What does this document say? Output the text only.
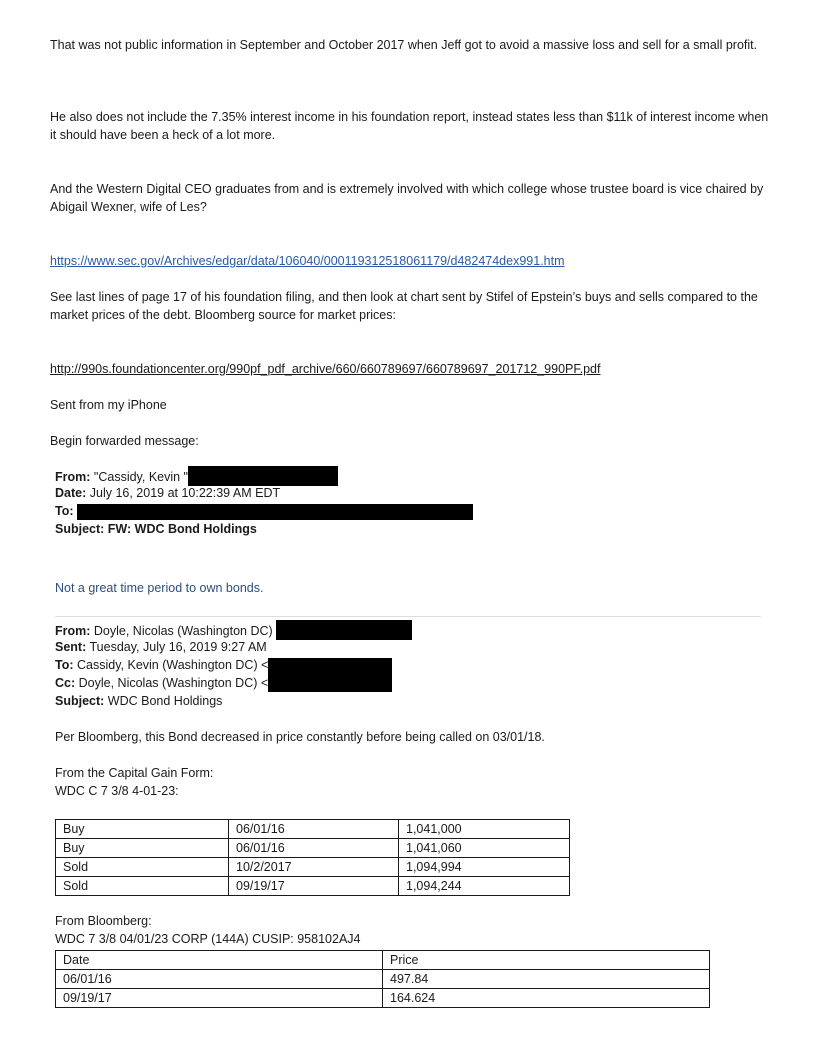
That was not public information in September and October 2017 when Jeff got to avoid a massive loss and sell for a small profit.

He also does not include the 7.35% interest income in his foundation report, instead states less than $11k of interest income when it should have been a heck of a lot more.

And the Western Digital CEO graduates from and is extremely involved with which college whose trustee board is vice chaired by Abigail Wexner, wife of Les?

https://www.sec.gov/Archives/edgar/data/106040/000119312518061179/d482474dex991.htm

See last lines of page 17 of his foundation filing, and then look at chart sent by Stifel of Epstein’s buys and sells compared to the market prices of the debt. Bloomberg source for market prices:

http://990s.foundationcenter.org/990pf_pdf_archive/660/660789697/660789697_201712_990PF.pdf

Sent from my iPhone

Begin forwarded message:

From: "Cassidy, Kevin "
Date: July 16, 2019 at 10:22:39 AM EDT
To:
Subject: FW: WDC Bond Holdings
Not a great time period to own bonds.
From: Doyle, Nicolas (Washington DC)
Sent: Tuesday, July 16, 2019 9:27 AM
To: Cassidy, Kevin (Washington DC) <
Cc: Doyle, Nicolas (Washington DC) <
Subject: WDC Bond Holdings
Per Bloomberg, this Bond decreased in price constantly before being called on 03/01/18.
From the Capital Gain Form:
WDC C 7 3/8 4-01-23:
Buy	06/01/16	1,041,000
Buy	06/01/16	1,041,060
Sold	10/2/2017	1,094,994
Sold	09/19/17	1,094,244
From Bloomberg:
WDC 7 3/8 04/01/23 CORP (144A) CUSIP: 958102AJ4
Date	Price
06/01/16	497.84
09/19/17	164.624
